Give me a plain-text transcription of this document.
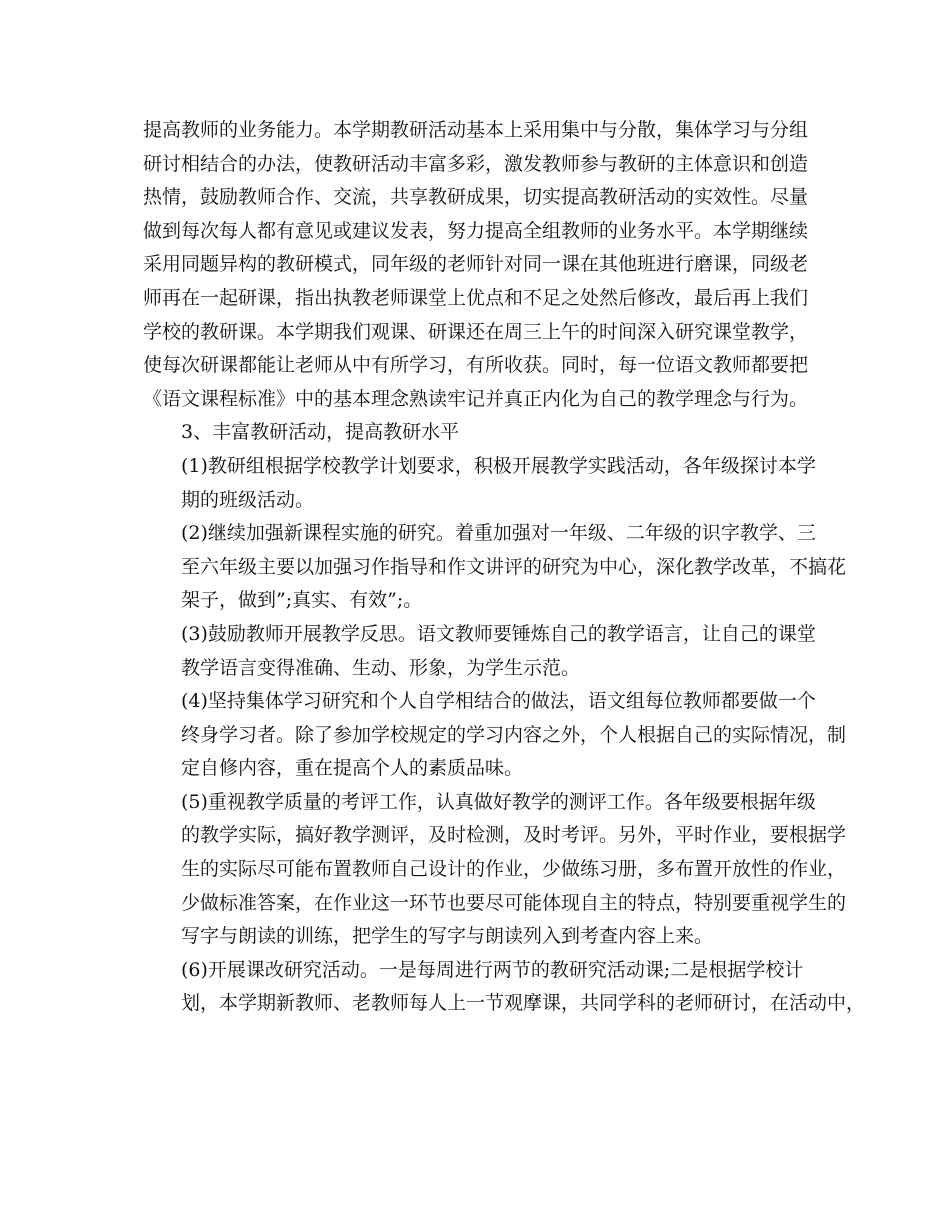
提高教师的业务能力。本学期教研活动基本上采用集中与分散，集体学习与分组
研讨相结合的办法，使教研活动丰富多彩，激发教师参与教研的主体意识和创造
热情，鼓励教师合作、交流，共享教研成果，切实提高教研活动的实效性。尽量
做到每次每人都有意见或建议发表，努力提高全组教师的业务水平。本学期继续
采用同题异构的教研模式，同年级的老师针对同一课在其他班进行磨课，同级老
师再在一起研课，指出执教老师课堂上优点和不足之处然后修改，最后再上我们
学校的教研课。本学期我们观课、研课还在周三上午的时间深入研究课堂教学，
使每次研课都能让老师从中有所学习，有所收获。同时，每一位语文教师都要把
《语文课程标准》中的基本理念熟读牢记并真正内化为自己的教学理念与行为。
3、丰富教研活动，提高教研水平
(1)教研组根据学校教学计划要求，积极开展教学实践活动，各年级探讨本学
期的班级活动。
(2)继续加强新课程实施的研究。着重加强对一年级、二年级的识字教学、三
至六年级主要以加强习作指导和作文讲评的研究为中心，深化教学改革，不搞花
架子，做到”;真实、有效”;。
(3)鼓励教师开展教学反思。语文教师要锤炼自己的教学语言，让自己的课堂
教学语言变得准确、生动、形象，为学生示范。
(4)坚持集体学习研究和个人自学相结合的做法，语文组每位教师都要做一个
终身学习者。除了参加学校规定的学习内容之外，个人根据自己的实际情况，制
定自修内容，重在提高个人的素质品味。
(5)重视教学质量的考评工作，认真做好教学的测评工作。各年级要根据年级
的教学实际，搞好教学测评，及时检测，及时考评。另外，平时作业，要根据学
生的实际尽可能布置教师自己设计的作业，少做练习册，多布置开放性的作业，
少做标准答案，在作业这一环节也要尽可能体现自主的特点，特别要重视学生的
写字与朗读的训练，把学生的写字与朗读列入到考查内容上来。
(6)开展课改研究活动。一是每周进行两节的教研究活动课;二是根据学校计
划，本学期新教师、老教师每人上一节观摩课，共同学科的老师研讨，在活动中，
